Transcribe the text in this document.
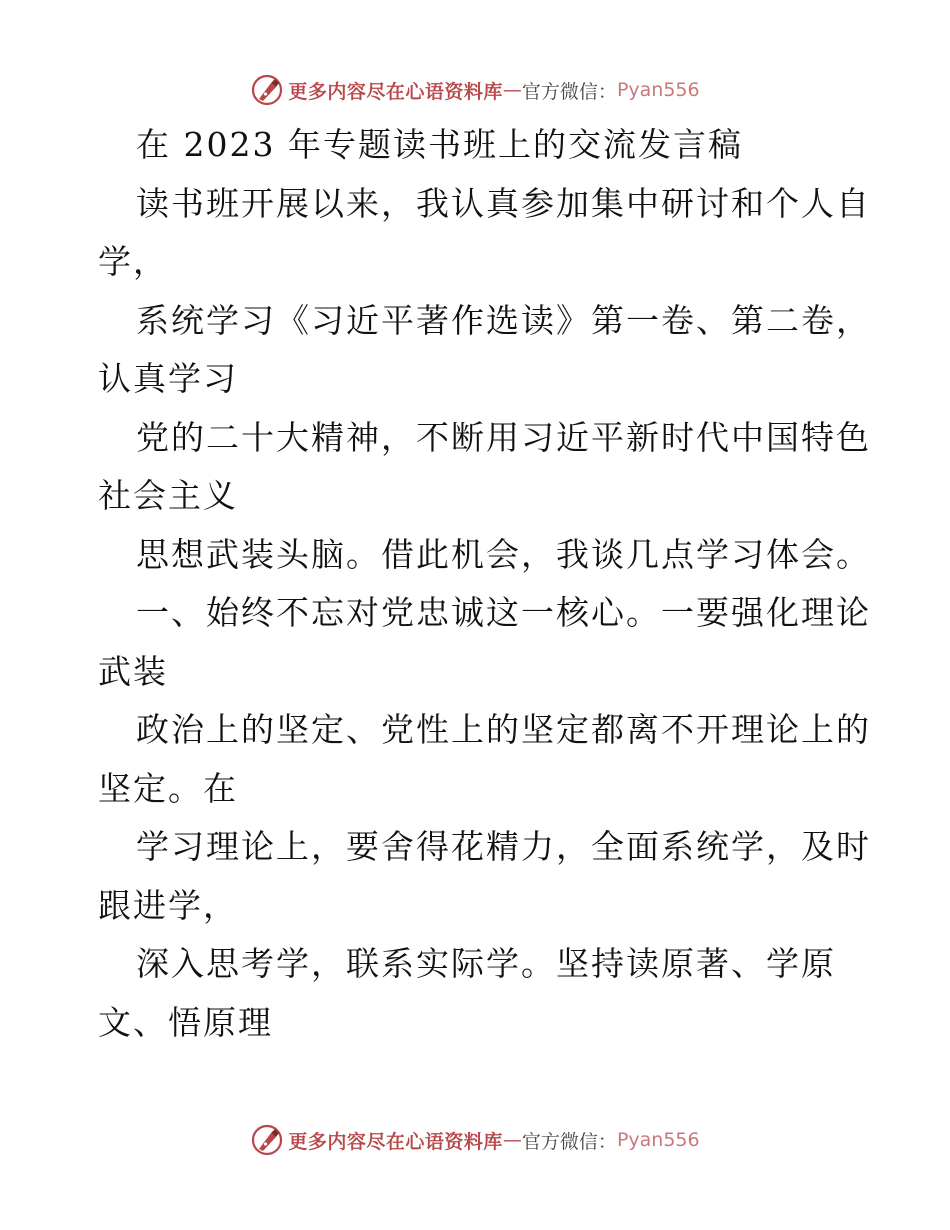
更多内容尽在心语资料库 — 官方微信： Pyan556

在 2023 年专题读书班上的交流发言稿

读书班开展以来，我认真参加集中研讨和个人自

学，

系统学习《习近平著作选读》第一卷、第二卷，

认真学习

党的二十大精神，不断用习近平新时代中国特色

社会主义

思想武装头脑。借此机会，我谈几点学习体会。

一、始终不忘对党忠诚这一核心。一要强化理论

武装

政治上的坚定、党性上的坚定都离不开理论上的

坚定。在

学习理论上，要舍得花精力，全面系统学，及时

跟进学，

深入思考学，联系实际学。坚持读原著、学原

文、悟原理

更多内容尽在心语资料库 — 官方微信： Pyan556
